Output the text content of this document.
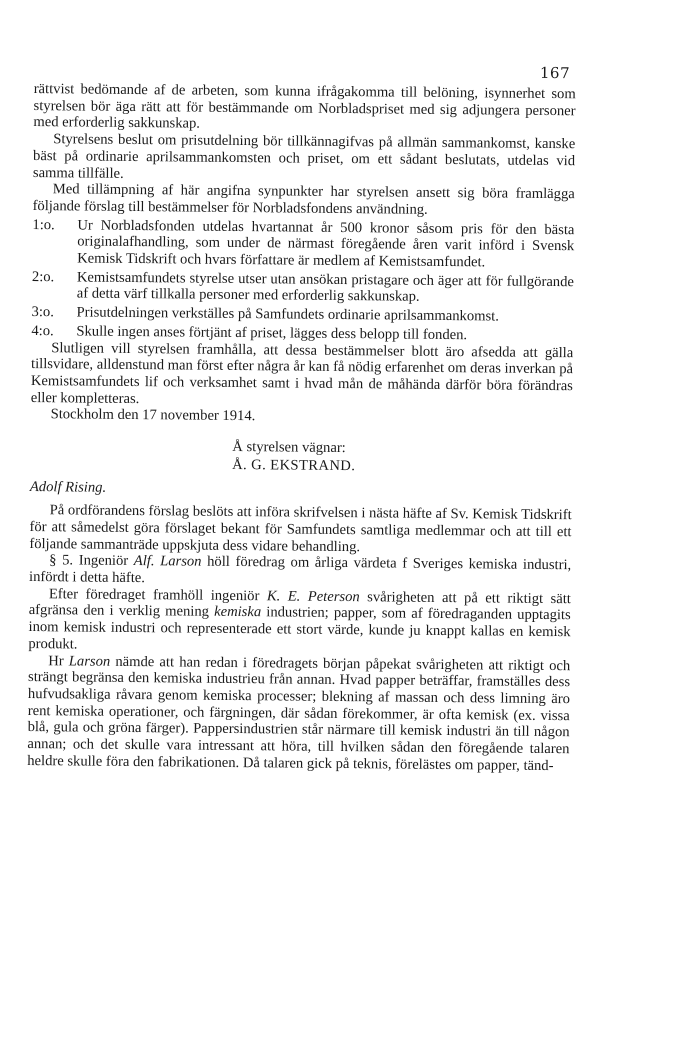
167

rättvist bedömande af de arbeten, som kunna ifrågakomma till belöning, isynnerhet som styrelsen bör äga rätt att för bestämmande om Norbladspriset med sig adjungera personer med erforderlig sakkunskap.

Styrelsens beslut om prisutdelning bör tillkännagifvas på allmän sammankomst, kanske bäst på ordinarie aprilsammankomsten och priset, om ett sådant beslutats, utdelas vid samma tillfälle.

Med tillämpning af här angifna synpunkter har styrelsen ansett sig böra framlägga följande förslag till bestämmelser för Norbladsfondens användning.

1:o.	Ur Norbladsfonden utdelas hvartannat år 500 kronor såsom pris för den bästa originalafhandling, som under de närmast föregående åren varit införd i Svensk Kemisk Tidskrift och hvars författare är medlem af Kemistsamfundet.
2:o.	Kemistsamfundets styrelse utser utan ansökan pristagare och äger att för fullgörande af detta värf tillkalla personer med erforderlig sakkunskap.
3:o.	Prisutdelningen verkställes på Samfundets ordinarie aprilsammankomst.
4:o.	Skulle ingen anses förtjänt af priset, lägges dess belopp till fonden.

Slutligen vill styrelsen framhålla, att dessa bestämmelser blott äro afsedda att gälla tillsvidare, alldenstund man först efter några år kan få nödig erfarenhet om deras inverkan på Kemistsamfundets lif och verksamhet samt i hvad mån de måhända därför böra förändras eller kompletteras.

Stockholm den 17 november 1914.

Å styrelsen vägnar:

Å. G. EKSTRAND.

Adolf Rising.

På ordförandens förslag beslöts att införa skrifvelsen i nästa häfte af Sv. Kemisk Tidskrift för att såmedelst göra förslaget bekant för Samfundets samtliga medlemmar och att till ett följande sammanträde uppskjuta dess vidare behandling.

§ 5. Ingeniör Alf. Larson höll föredrag om årliga värdeta f Sveriges kemiska industri, infördt i detta häfte.

Efter föredraget framhöll ingeniör K. E. Peterson svårigheten att på ett riktigt sätt afgränsa den i verklig mening kemiska industrien; papper, som af föredraganden upptagits inom kemisk industri och representerade ett stort värde, kunde ju knappt kallas en kemisk produkt.

Hr Larson nämde att han redan i föredragets början påpekat svårigheten att riktigt och strängt begränsa den kemiska industrieu från annan. Hvad papper beträffar, framställes dess hufvudsakliga råvara genom kemiska processer; blekning af massan och dess limning äro rent kemiska operationer, och färgningen, där sådan förekommer, är ofta kemisk (ex. vissa blå, gula och gröna färger). Pappersindustrien står närmare till kemisk industri än till någon annan; och det skulle vara intressant att höra, till hvilken sådan den föregående talaren heldre skulle föra den fabrikationen. Då talaren gick på teknis, föreläste⁠s om papper, tänd-
